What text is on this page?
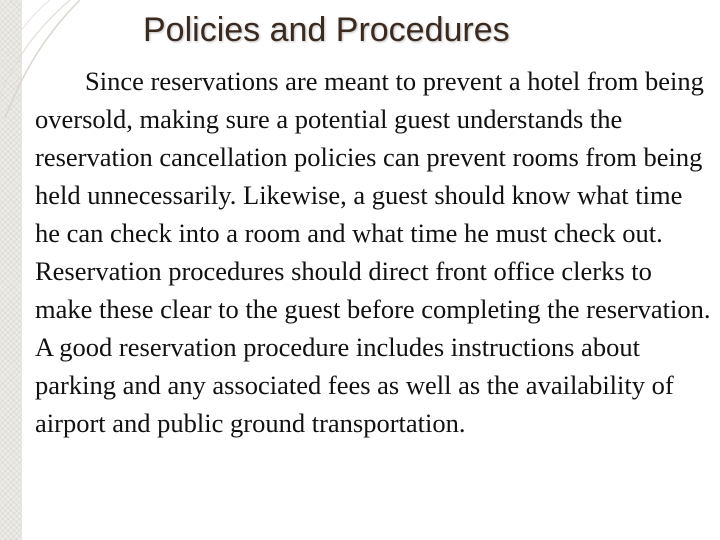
Policies and Procedures

Since reservations are meant to prevent a hotel from being oversold, making sure a potential guest understands the reservation cancellation policies can prevent rooms from being held unnecessarily. Likewise, a guest should know what time he can check into a room and what time he must check out. Reservation procedures should direct front office clerks to make these clear to the guest before completing the reservation. A good reservation procedure includes instructions about parking and any associated fees as well as the availability of airport and public ground transportation.
